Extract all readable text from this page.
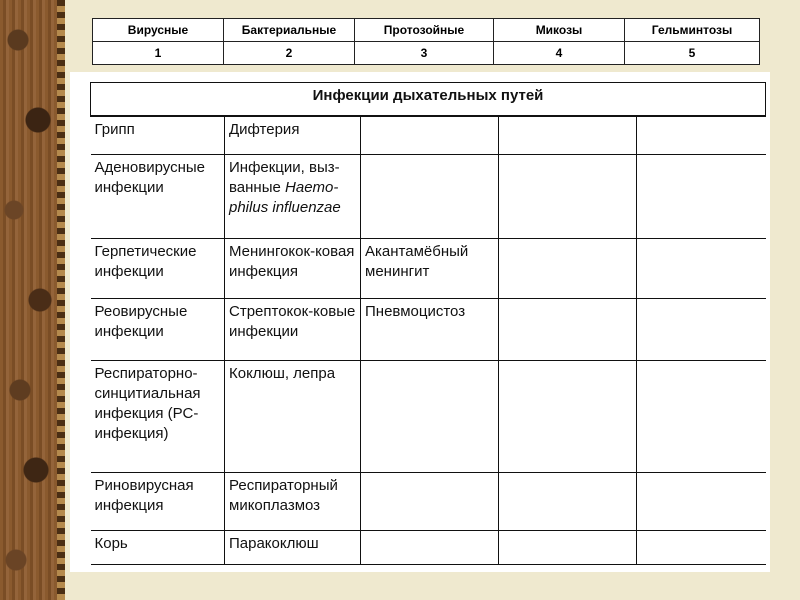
Вирусные	Бактериальные	Протозойные	Микозы	Гельминтозы
1	2	3	4	5
Инфекции дыхательных путей				
Грипп	Дифтерия			
Аденовирусные инфекции	Инфекции, выз-ванные Haemo-philus influenzae			
Герпетические инфекции	Менингокок-ковая инфекция	Акантамёбный менингит		
Реовирусные инфекции	Стрептокок-ковые инфекции	Пневмоцистоз		
Респираторно-синцитиальная инфекция (РС-инфекция)	Коклюш, лепра			
Риновирусная инфекция	Респираторный микоплазмоз			
Корь	Паракоклюш			
